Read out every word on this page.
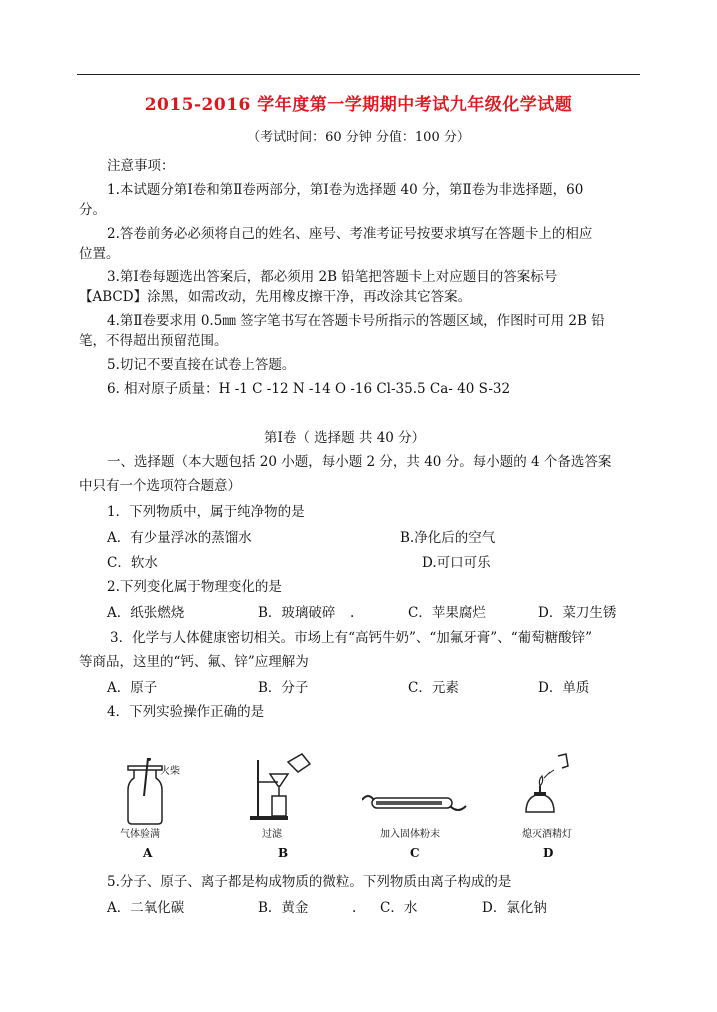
2015-2016 学年度第一学期期中考试九年级化学试题
（考试时间：60 分钟 分值：100 分）
注意事项：
1.本试题分第Ⅰ卷和第Ⅱ卷两部分，第Ⅰ卷为选择题 40 分，第Ⅱ卷为非选择题，60
分。
2.答卷前务必必须将自己的姓名、座号、考准考证号按要求填写在答题卡上的相应
位置。
3.第Ⅰ卷每题选出答案后，都必须用 2B 铅笔把答题卡上对应题目的答案标号
【ABCD】涂黑，如需改动，先用橡皮擦干净，再改涂其它答案。
4.第Ⅱ卷要求用 0.5㎜ 签字笔书写在答题卡号所指示的答题区域，作图时可用 2B 铅
笔，不得超出预留范围。
5.切记不要直接在试卷上答题。
6. 相对原子质量：H -1 C -12 N -14 O -16 Cl-35.5 Ca- 40 S-32
第Ⅰ卷（ 选择题 共 40 分）
一、选择题（本大题包括 20 小题，每小题 2 分，共 40 分。每小题的 4 个备选答案
中只有一个选项符合题意）
1．下列物质中，属于纯净物的是
A．有少量浮冰的蒸馏水	B.净化后的空气
C．软水	D.可口可乐
2.下列变化属于物理变化的是
A．纸张燃烧	B．玻璃破碎 .	C．苹果腐烂	D．菜刀生锈
3．化学与人体健康密切相关。市场上有“高钙牛奶”、“加氟牙膏”、“葡萄糖酸锌”
等商品，这里的“钙、氟、锌”应理解为
A．原子	B．分子	C．元素	D．单质
4．下列实验操作正确的是
火柴
气体验满
A
过滤
B
加入固体粉末
C
熄灭酒精灯
D
5.分子、原子、离子都是构成物质的微粒。下列物质由离子构成的是
A．二氧化碳	B．黄金	. C．水	D．氯化钠
